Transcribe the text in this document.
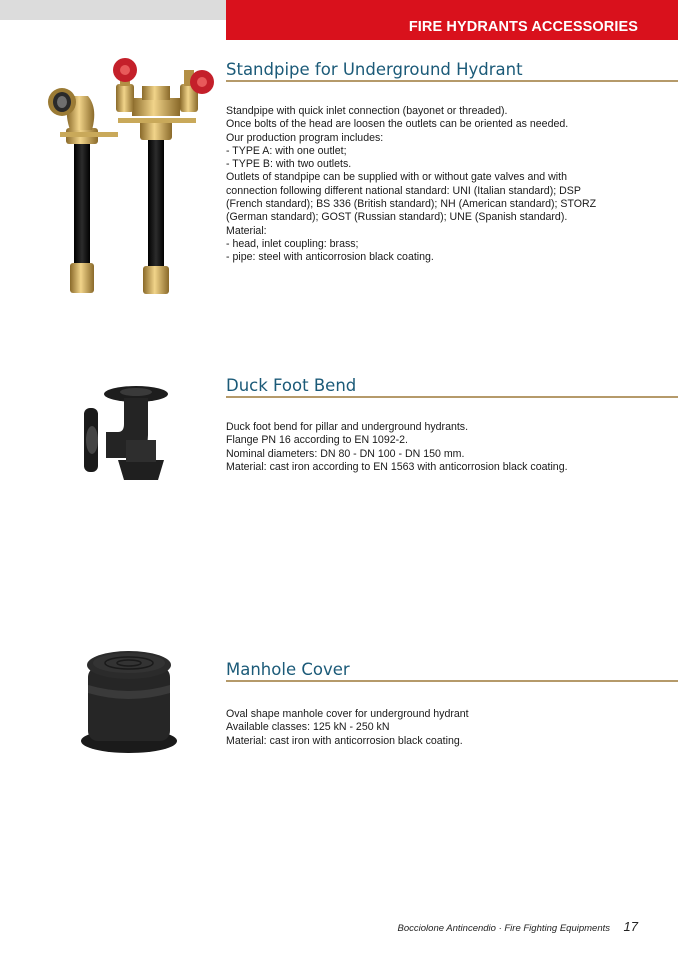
FIRE HYDRANTS ACCESSORIES
Standpipe for Underground Hydrant
Standpipe with quick inlet connection (bayonet or threaded).
Once bolts of the head are loosen the outlets can be oriented as needed.
Our production program includes:
- TYPE A: with one outlet;
- TYPE B: with two outlets.
Outlets of standpipe can be supplied with or without gate valves and with
connection following different national standard: UNI (Italian standard); DSP
(French standard); BS 336 (British standard); NH (American standard); STORZ
(German standard); GOST (Russian standard); UNE (Spanish standard).
Material:
- head, inlet coupling: brass;
- pipe: steel with anticorrosion black coating.
Duck Foot Bend
Duck foot bend for pillar and underground hydrants.
Flange PN 16 according to EN 1092-2.
Nominal diameters: DN 80 - DN 100 - DN 150 mm.
Material: cast iron according to EN 1563 with anticorrosion black coating.
Manhole Cover
Oval shape manhole cover for underground hydrant
Available classes: 125 kN - 250 kN
Material: cast iron with anticorrosion black coating.
Bocciolone Antincendio · Fire Fighting Equipments 17
